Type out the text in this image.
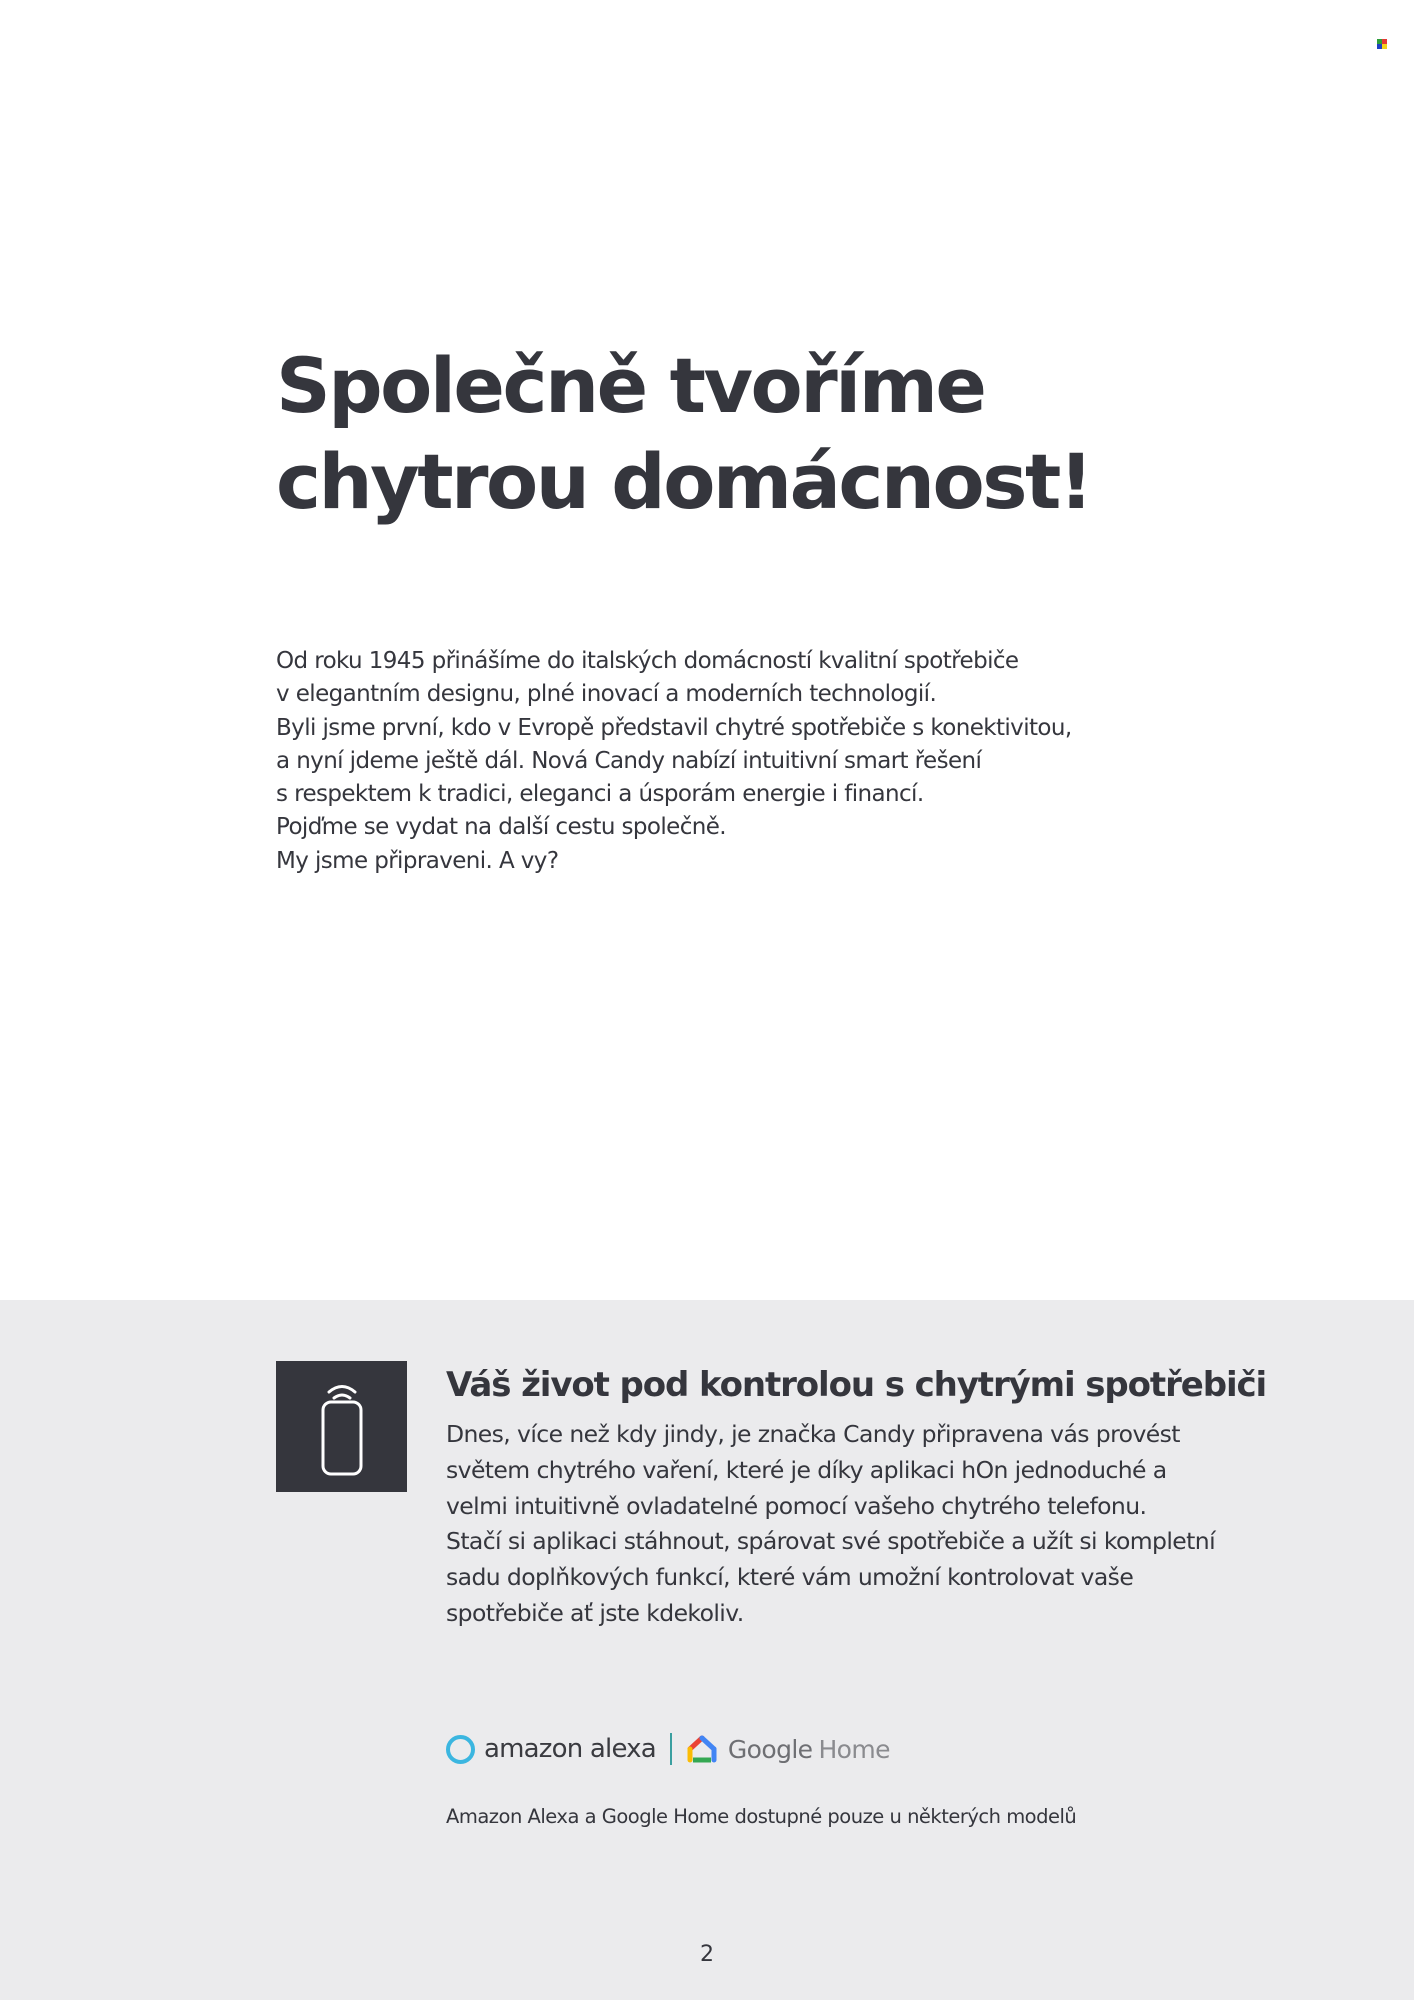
Společně tvoříme
chytrou domácnost!
Od roku 1945 přinášíme do italských domácností kvalitní spotřebiče
v elegantním designu, plné inovací a moderních technologií.
Byli jsme první, kdo v Evropě představil chytré spotřebiče s konektivitou,
a nyní jdeme ještě dál. Nová Candy nabízí intuitivní smart řešení
s respektem k tradici, eleganci a úsporám energie i financí.
Pojďme se vydat na další cestu společně.
My jsme připraveni. A vy?
Váš život pod kontrolou s chytrými spotřebiči
Dnes, více než kdy jindy, je značka Candy připravena vás provést
světem chytrého vaření, které je díky aplikaci hOn jednoduché a
velmi intuitivně ovladatelné pomocí vašeho chytrého telefonu.
Stačí si aplikaci stáhnout, spárovat své spotřebiče a užít si kompletní
sadu doplňkových funkcí, které vám umožní kontrolovat vaše
spotřebiče ať jste kdekoliv.
amazon alexa	Google Home
Amazon Alexa a Google Home dostupné pouze u některých modelů
2
